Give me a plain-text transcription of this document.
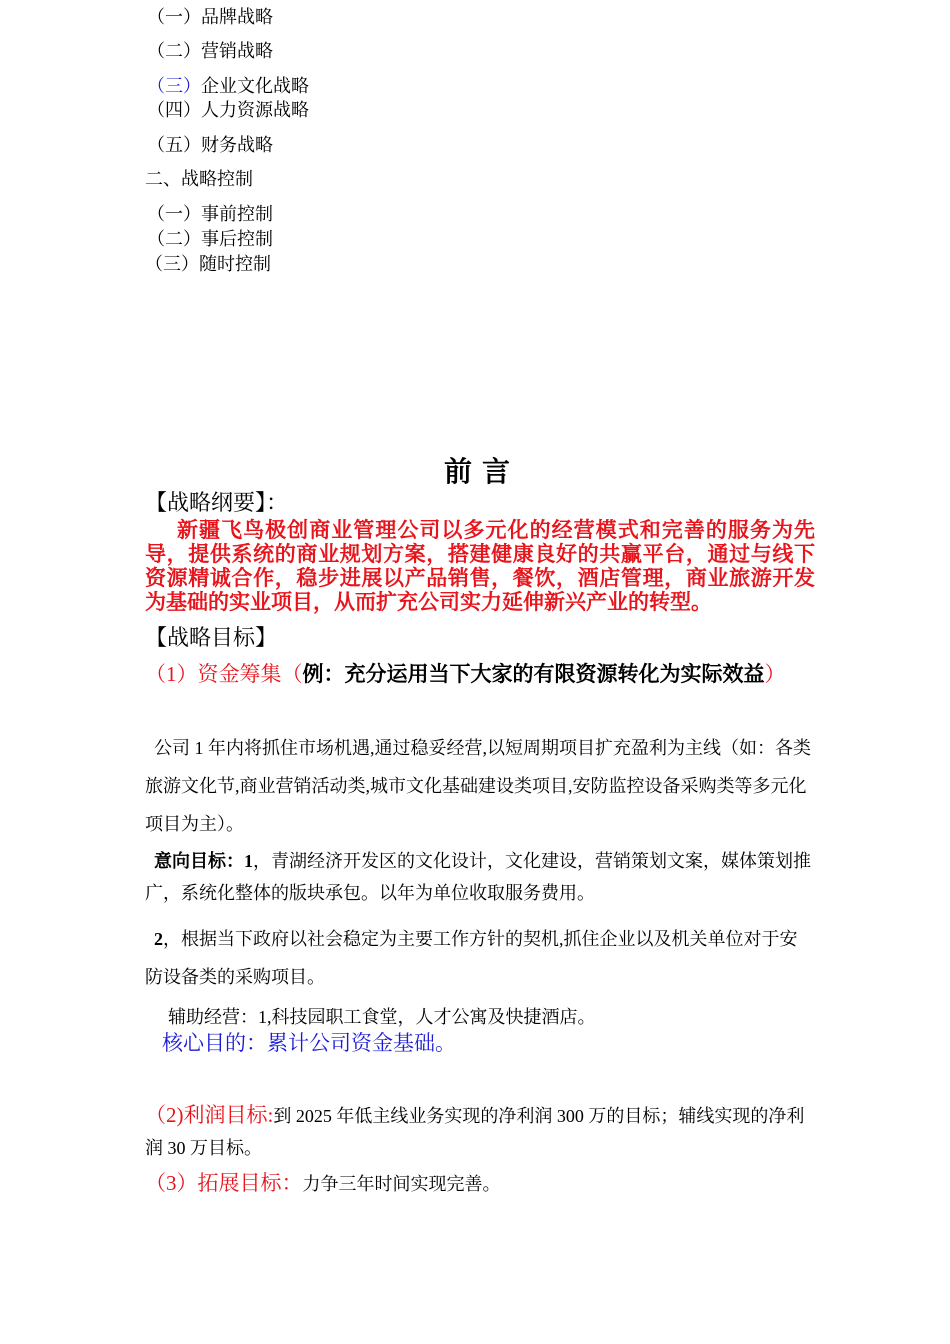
（一）品牌战略
（二）营销战略
（三）企业文化战略
（四）人力资源战略
（五）财务战略
二、战略控制
（一）事前控制
（二）事后控制
（三）随时控制
前言
【战略纲要】：
新疆飞鸟极创商业管理公司以多元化的经营模式和完善的服务为先导，提供系统的商业规划方案，搭建健康良好的共赢平台，通过与线下资源精诚合作，稳步进展以产品销售，餐饮，酒店管理，商业旅游开发为基础的实业项目，从而扩充公司实力延伸新兴产业的转型。
【战略目标】
（1）资金筹集（例：充分运用当下大家的有限资源转化为实际效益）
公司 1 年内将抓住市场机遇,通过稳妥经营,以短周期项目扩充盈利为主线（如：各类旅游文化节,商业营销活动类,城市文化基础建设类项目,安防监控设备采购类等多元化项目为主）。
意向目标：1，青湖经济开发区的文化设计，文化建设，营销策划文案，媒体策划推广，系统化整体的版块承包。以年为单位收取服务费用。
2，根据当下政府以社会稳定为主要工作方针的契机,抓住企业以及机关单位对于安防设备类的采购项目。
辅助经营：1,科技园职工食堂，人才公寓及快捷酒店。
核心目的：累计公司资金基础。
（2)利润目标:到 2025 年低主线业务实现的净利润 300 万的目标；辅线实现的净利润 30 万目标。
（3）拓展目标：力争三年时间实现完善。
